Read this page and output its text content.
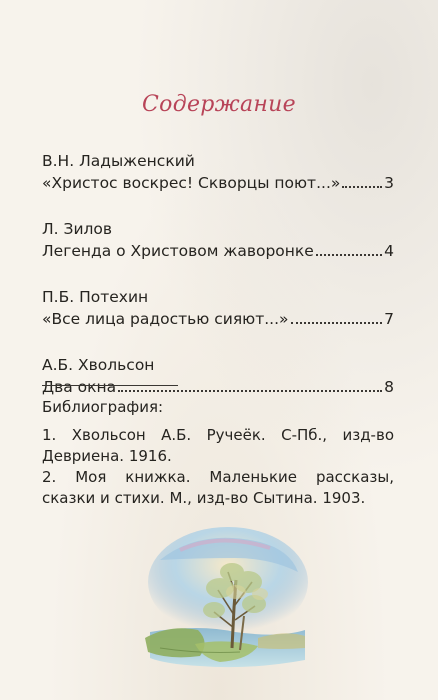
Содержание
В.Н. Ладыженский
«Христос воскрес! Скворцы поют...»	3
Л. Зилов
Легенда о Христовом жаворонке	4
П.Б. Потехин
«Все лица радостью сияют...»	7
А.Б. Хвольсон
Два окна	8
Библиография:
1. Хвольсон А.Б. Ручеёк. С-Пб., изд-во Девриена. 1916.
2. Моя книжка. Маленькие рассказы, сказки и стихи. М., изд-во Сытина. 1903.
